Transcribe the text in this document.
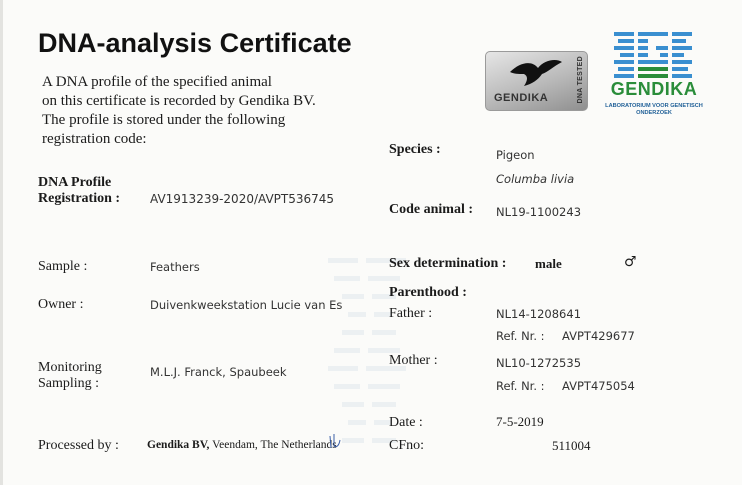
DNA-analysis Certificate
A DNA profile of the specified animal
on this certificate is recorded by Gendika BV.
The profile is stored under the following
registration code:
GENDIKA	DNA TESTED	GENDIKA
LABORATORIUM VOOR GENETISCH ONDERZOEK
DNA Profile
Registration : AV1913239-2020/AVPT536745
Sample :	Feathers
Owner :	Duivenkweekstation Lucie van Es
Monitoring
Sampling :
M.L.J. Franck, Spaubeek
Processed by : Gendika BV, Veendam, The Netherlands
Species :	Pigeon
Columba livia
Code animal : NL19-1100243
Sex determination : male	♂
Parenthood :
Father :	NL14-1208641
Ref. Nr. : AVPT429677
Mother :	NL10-1272535
Ref. Nr. : AVPT475054
Date :	7-5-2019
CFno:	511004
